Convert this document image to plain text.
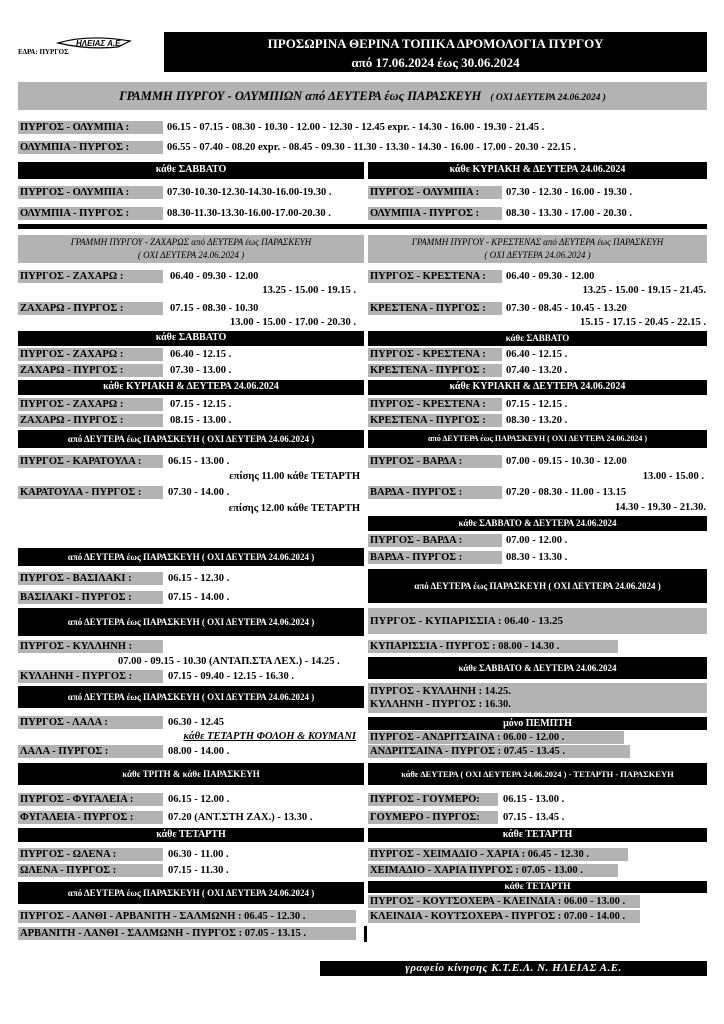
ΗΛΕΙΑΣ Α.Ε.
ΕΔΡΑ: ΠΥΡΓΟΣ
ΠΡΟΣΩΡΙΝΑ ΘΕΡΙΝΑ ΤΟΠΙΚΑ ΔΡΟΜΟΛΟΓΙΑ ΠΥΡΓΟΥ
από 17.06.2024 έως 30.06.2024
ΓΡΑΜΜΗ ΠΥΡΓΟΥ - ΟΛΥΜΠΙΩΝ από ΔΕΥΤΕΡΑ έως ΠΑΡΑΣΚΕΥΗ ( ΟΧΙ ΔΕΥΤΕΡΑ 24.06.2024 )
ΠΥΡΓΟΣ - ΟΛΥΜΠΙΑ :	06.15 - 07.15 - 08.30 - 10.30 - 12.00 - 12.30 - 12.45 expr. - 14.30 - 16.00 - 19.30 - 21.45 .
ΟΛΥΜΠΙΑ - ΠΥΡΓΟΣ :	06.55 - 07.40 - 08.20 expr. - 08.45 - 09.30 - 11.30 - 13.30 - 14.30 - 16.00 - 17.00 - 20.30 - 22.15 .
κάθε ΣΑΒΒΑΤΟ	κάθε ΚΥΡΙΑΚΗ & ΔΕΥΤΕΡΑ 24.06.2024
ΠΥΡΓΟΣ - ΟΛΥΜΠΙΑ :	07.30-10.30-12.30-14.30-16.00-19.30 .
ΟΛΥΜΠΙΑ - ΠΥΡΓΟΣ :	08.30-11.30-13.30-16.00-17.00-20.30 .
ΠΥΡΓΟΣ - ΟΛΥΜΠΙΑ :	07.30 - 12.30 - 16.00 - 19.30 .
ΟΛΥΜΠΙΑ - ΠΥΡΓΟΣ :	08.30 - 13.30 - 17.00 - 20.30 .
ΓΡΑΜΜΗ ΠΥΡΓΟΥ - ΖΑΧΑΡΩΣ από ΔΕΥΤΕΡΑ έως ΠΑΡΑΣΚΕΥΗ
( ΟΧΙ ΔΕΥΤΕΡΑ 24.06.2024 )
ΓΡΑΜΜΗ ΠΥΡΓΟΥ - ΚΡΕΣΤΕΝΑΣ από ΔΕΥΤΕΡΑ έως ΠΑΡΑΣΚΕΥΗ
( ΟΧΙ ΔΕΥΤΕΡΑ 24.06.2024 )
ΠΥΡΓΟΣ - ΖΑΧΑΡΩ :	06.40 - 09.30 - 12.00
13.25 - 15.00 - 19.15 .
ΖΑΧΑΡΩ - ΠΥΡΓΟΣ :	07.15 - 08.30 - 10.30
13.00 - 15.00 - 17.00 - 20.30 .
ΠΥΡΓΟΣ - ΚΡΕΣΤΕΝΑ :	06.40 - 09.30 - 12.00
13.25 - 15.00 - 19.15 - 21.45.
ΚΡΕΣΤΕΝΑ - ΠΥΡΓΟΣ :	07.30 - 08.45 - 10.45 - 13.20
15.15 - 17.15 - 20.45 - 22.15 .
κάθε ΣΑΒΒΑΤΟ	κάθε ΣΑΒΒΑΤΟ
ΠΥΡΓΟΣ - ΖΑΧΑΡΩ :	06.40 - 12.15 .
ΖΑΧΑΡΩ - ΠΥΡΓΟΣ :	07.30 - 13.00 .
ΠΥΡΓΟΣ - ΚΡΕΣΤΕΝΑ :	06.40 - 12.15 .
ΚΡΕΣΤΕΝΑ - ΠΥΡΓΟΣ :	07.40 - 13.20 .
κάθε ΚΥΡΙΑΚΗ & ΔΕΥΤΕΡΑ 24.06.2024	κάθε ΚΥΡΙΑΚΗ & ΔΕΥΤΕΡΑ 24.06.2024
ΠΥΡΓΟΣ - ΖΑΧΑΡΩ :	07.15 - 12.15 .
ΖΑΧΑΡΩ - ΠΥΡΓΟΣ :	08.15 - 13.00 .
ΠΥΡΓΟΣ - ΚΡΕΣΤΕΝΑ :	07.15 - 12.15 .
ΚΡΕΣΤΕΝΑ - ΠΥΡΓΟΣ :	08.30 - 13.20 .
από ΔΕΥΤΕΡΑ έως ΠΑΡΑΣΚΕΥΗ ( ΟΧΙ ΔΕΥΤΕΡΑ 24.06.2024 )	από ΔΕΥΤΕΡΑ έως ΠΑΡΑΣΚΕΥΗ ( ΟΧΙ ΔΕΥΤΕΡΑ 24.06.2024 )
ΠΥΡΓΟΣ - ΚΑΡΑΤΟΥΛΑ :	06.15 - 13.00 .
επίσης 11.00 κάθε ΤΕΤΑΡΤΗ
ΚΑΡΑΤΟΥΛΑ - ΠΥΡΓΟΣ :	07.30 - 14.00 .
επίσης 12.00 κάθε ΤΕΤΑΡΤΗ
ΠΥΡΓΟΣ - ΒΑΡΔΑ :	07.00 - 09.15 - 10.30 - 12.00
13.00 - 15.00 .
ΒΑΡΔΑ - ΠΥΡΓΟΣ :	07.20 - 08.30 - 11.00 - 13.15
14.30 - 19.30 - 21.30.
κάθε ΣΑΒΒΑΤΟ & ΔΕΥΤΕΡΑ 24.06.2024
ΠΥΡΓΟΣ - ΒΑΡΔΑ :	07.00 - 12.00 .
ΒΑΡΔΑ - ΠΥΡΓΟΣ :	08.30 - 13.30 .
από ΔΕΥΤΕΡΑ έως ΠΑΡΑΣΚΕΥΗ ( ΟΧΙ ΔΕΥΤΕΡΑ 24.06.2024 )
ΠΥΡΓΟΣ - ΒΑΣΙΛΑΚΙ :	06.15 - 12.30 .
ΒΑΣΙΛΑΚΙ - ΠΥΡΓΟΣ :	07.15 - 14.00 .
από ΔΕΥΤΕΡΑ έως ΠΑΡΑΣΚΕΥΗ ( ΟΧΙ ΔΕΥΤΕΡΑ 24.06.2024 )
από ΔΕΥΤΕΡΑ έως ΠΑΡΑΣΚΕΥΗ ( ΟΧΙ ΔΕΥΤΕΡΑ 24.06.2024 )	ΠΥΡΓΟΣ - ΚΥΠΑΡΙΣΣΙΑ : 06.40 - 13.25
ΚΥΠΑΡΙΣΣΙΑ - ΠΥΡΓΟΣ : 08.00 - 14.30 .
ΠΥΡΓΟΣ - ΚΥΛΛΗΝΗ :
07.00 - 09.15 - 10.30 (ΑΝΤΑΠ.ΣΤΑ ΛΕΧ.) - 14.25 .
ΚΥΛΛΗΝΗ - ΠΥΡΓΟΣ :	07.15 - 09.40 - 12.15 - 16.30 .
κάθε ΣΑΒΒΑΤΟ & ΔΕΥΤΕΡΑ 24.06.2024
ΠΥΡΓΟΣ - ΚΥΛΛΗΝΗ : 14.25.
ΚΥΛΛΗΝΗ - ΠΥΡΓΟΣ : 16.30.
από ΔΕΥΤΕΡΑ έως ΠΑΡΑΣΚΕΥΗ ( ΟΧΙ ΔΕΥΤΕΡΑ 24.06.2024 )
ΠΥΡΓΟΣ - ΛΑΛΑ :	06.30 - 12.45
κάθε ΤΕΤΑΡΤΗ ΦΟΛΟΗ & ΚΟΥΜΑΝΙ
ΛΑΛΑ - ΠΥΡΓΟΣ :	08.00 - 14.00 .
μόνο ΠΕΜΠΤΗ
ΠΥΡΓΟΣ - ΑΝΔΡΙΤΣΑΙΝΑ : 06.00 - 12.00 .
ΑΝΔΡΙΤΣΑΙΝΑ - ΠΥΡΓΟΣ : 07.45 - 13.45 .
κάθε ΤΡΙΤΗ & κάθε ΠΑΡΑΣΚΕΥΗ
ΠΥΡΓΟΣ - ΦΥΓΑΛΕΙΑ :	06.15 - 12.00 .
ΦΥΓΑΛΕΙΑ - ΠΥΡΓΟΣ :	07.20 (ΑΝΤ.ΣΤΗ ΖΑΧ.) - 13.30 .
κάθε ΔΕΥΤΕΡΑ ( ΟΧΙ ΔΕΥΤΕΡΑ 24.06.2024 ) - ΤΕΤΑΡΤΗ - ΠΑΡΑΣΚΕΥΗ
ΠΥΡΓΟΣ - ΓΟΥΜΕΡΟ:	06.15 - 13.00 .
ΓΟΥΜΕΡΟ - ΠΥΡΓΟΣ:	07.15 - 13.45 .
κάθε ΤΕΤΑΡΤΗ
ΠΥΡΓΟΣ - ΩΛΕΝΑ :	06.30 - 11.00 .
ΩΛΕΝΑ - ΠΥΡΓΟΣ :	07.15 - 11.30 .
κάθε ΤΕΤΑΡΤΗ
ΠΥΡΓΟΣ - ΧΕΙΜΑΔΙΟ - ΧΑΡΙΑ : 06.45 - 12.30 .
ΧΕΙΜΑΔΙΟ - ΧΑΡΙΑ ΠΥΡΓΟΣ : 07.05 - 13.00 .
από ΔΕΥΤΕΡΑ έως ΠΑΡΑΣΚΕΥΗ ( ΟΧΙ ΔΕΥΤΕΡΑ 24.06.2024 )
ΠΥΡΓΟΣ - ΛΑΝΘΙ - ΑΡΒΑΝΙΤΗ - ΣΑΛΜΩΝΗ : 06.45 - 12.30 .
ΑΡΒΑΝΙΤΗ - ΛΑΝΘΙ - ΣΑΛΜΩΝΗ - ΠΥΡΓΟΣ : 07.05 - 13.15 .
κάθε ΤΕΤΑΡΤΗ
ΠΥΡΓΟΣ - ΚΟΥΤΣΟΧΕΡΑ - ΚΛΕΙΝΔΙΑ : 06.00 - 13.00 .
ΚΛΕΙΝΔΙΑ - ΚΟΥΤΣΟΧΕΡΑ - ΠΥΡΓΟΣ : 07.00 - 14.00 .
γραφείο κίνησης Κ.Τ.Ε.Λ. Ν. ΗΛΕΙΑΣ Α.Ε.
